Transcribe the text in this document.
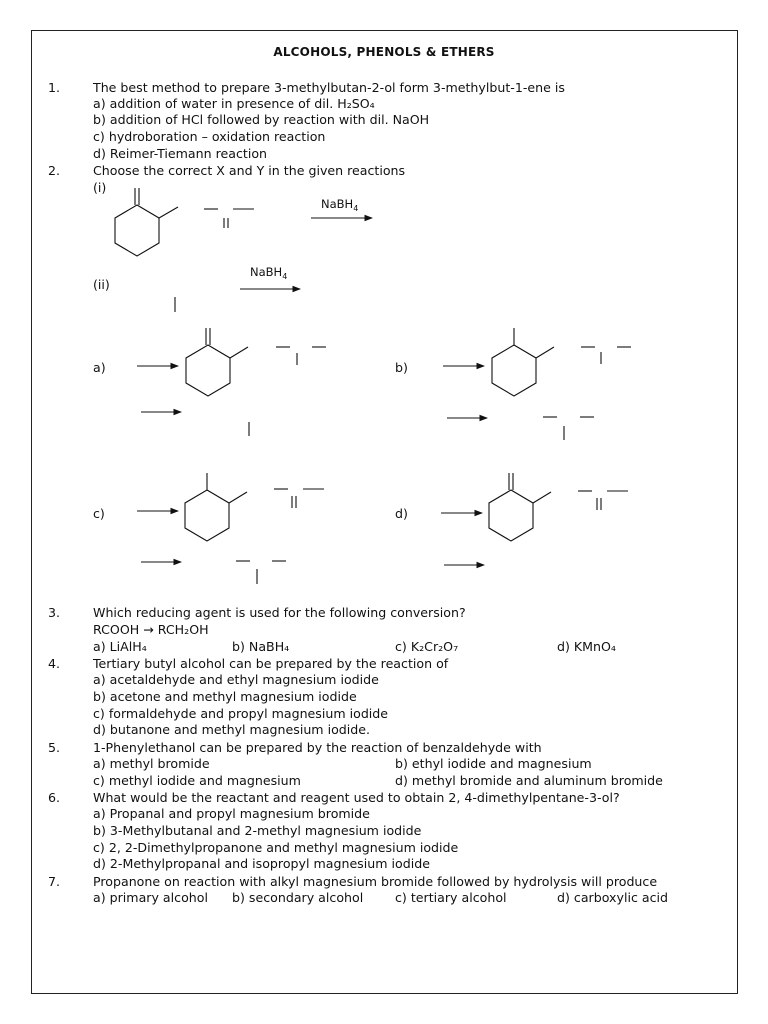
ALCOHOLS, PHENOLS & ETHERS
1.	The best method to prepare 3-methylbutan-2-ol form 3-methylbut-1-ene is
a) addition of water in presence of dil. H₂SO₄
b) addition of HCl followed by reaction with dil. NaOH
c) hydroboration – oxidation reaction
d) Reimer-Tiemann reaction
2.	Choose the correct X and Y in the given reactions
(i)
(ii)
a)	b)
c)	d)
NaBH$_4$
NaBH$_4$
3.	Which reducing agent is used for the following conversion?
RCOOH → RCH₂OH
a) LiAlH₄	b) NaBH₄	c) K₂Cr₂O₇	d) KMnO₄
4.	Tertiary butyl alcohol can be prepared by the reaction of
a) acetaldehyde and ethyl magnesium iodide
b) acetone and methyl magnesium iodide
c) formaldehyde and propyl magnesium iodide
d) butanone and methyl magnesium iodide.
5.	1-Phenylethanol can be prepared by the reaction of benzaldehyde with
a) methyl bromide	b) ethyl iodide and magnesium
c) methyl iodide and magnesium	d) methyl bromide and aluminum bromide
6.	What would be the reactant and reagent used to obtain 2, 4-dimethylpentane-3-ol?
a) Propanal and propyl magnesium bromide
b) 3-Methylbutanal and 2-methyl magnesium iodide
c) 2, 2-Dimethylpropanone and methyl magnesium iodide
d) 2-Methylpropanal and isopropyl magnesium iodide
7.	Propanone on reaction with alkyl magnesium bromide followed by hydrolysis will produce
a) primary alcohol b) secondary alcohol	c) tertiary alcohol	d) carboxylic acid
